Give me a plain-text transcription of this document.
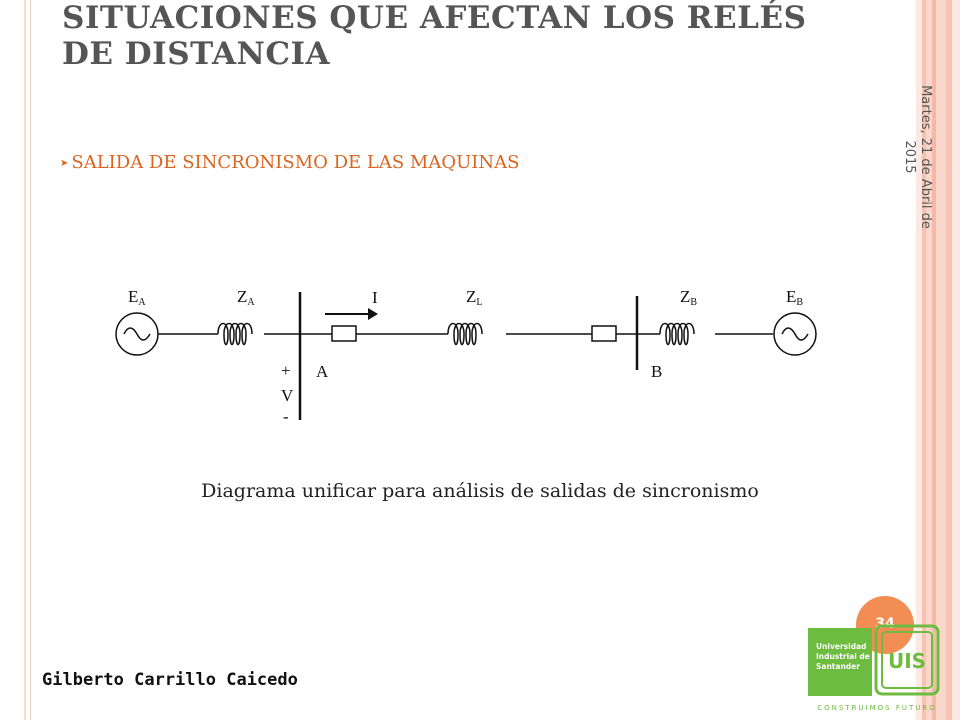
SITUACIONES QUE AFECTAN LOS RELÉS DE DISTANCIA
➤ SALIDA DE SINCRONISMO DE LAS MAQUINAS	Martes, 21 de Abril de 2015
EA	ZA	I	ZL	ZB	EB
A	B
+
V
-
Diagrama unificar para análisis de salidas de sincronismo
Gilberto Carrillo Caicedo
34
Universidad
Industrial de
Santander	UIS
CONSTRUIMOS FUTURO
